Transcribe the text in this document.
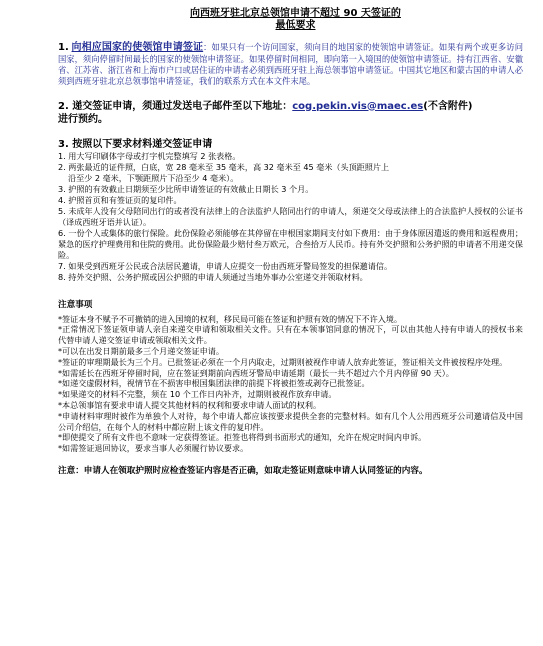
向西班牙驻北京总领馆申请不超过 90 天签证的
最低要求
1. 向相应国家的使领馆申请签证：如果只有一个访问国家，须向目的地国家的使领馆申请签证。如果有两个或更多访问国家，须向停留时间最长的国家的使领馆申请签证。如果停留时间相同，即向第一入境国的使领馆申请签证。持有江西省、安徽省、江苏省、浙江省和上海市户口或居住证的申请者必须到西班牙驻上海总领事馆申请签证。中国其它地区和蒙古国的申请人必须到西班牙驻北京总领事馆申请签证，我们的联系方式在本文件末尾。
2. 递交签证申请，须通过发送电子邮件至以下地址：cog.pekin.vis@maec.es(不含附件)
进行预约。
3. 按照以下要求材料递交签证申请
1. 用大写印刷体字母或打字机完整填写 2 张表格。
2. 两张最近的证件照，白底，宽 28 毫米至 35 毫米，高 32 毫米至 45 毫米（头顶距照片上
沿至少 2 毫米，下颚距照片下沿至少 4 毫米）。
3. 护照的有效截止日期须至少比所申请签证的有效截止日期长 3 个月。
4. 护照首页和有签证页的复印件。
5. 未成年人没有父母陪同出行的或者没有法律上的合法监护人陪同出行的申请人，须递交父母或法律上的合法监护人授权的公证书（译成西班牙语并认证）。
6. 一份个人或集体的旅行保险。此份保险必须能够在其停留在申根国家期间支付如下费用：由于身体原因遣返的费用和返程费用；紧急的医疗护理费用和住院的费用。此份保险最少赔付叁万欧元，合叁拾万人民币。持有外交护照和公务护照的申请者不用递交保险。
7. 如果受到西班牙公民或合法居民邀请，申请人应提交一份由西班牙警局签发的担保邀请信。
8. 持外交护照、公务护照或因公护照的申请人须通过当地外事办公室递交并领取材料。
注意事项
*签证本身不赋予不可撤销的进入国境的权利，移民局可能在签证和护照有效的情况下不许入境。
*正常情况下签证领申请人亲自来递交申请和领取相关文件。只有在本领事馆同意的情况下，可以由其他人持有申请人的授权书来代替申请人递交签证申请或领取相关文件。
*可以在出发日期前最多三个月递交签证申请。
*签证的审理期最长为三个月。已批签证必须在一个月内取走，过期则被视作申请人放弃此签证，签证相关文件被按程序处理。
*如需延长在西班牙停留时间，应在签证到期前向西班牙警局申请延期（最长一共不超过六个月内停留 90 天）。
*如递交虚假材料，视情节在不损害申根国集团法律的前提下将被拒签或剥夺已批签证。
*如果递交的材料不完整，须在 10 个工作日内补齐，过期则被视作放弃申请。
*本总领事馆有要求申请人提交其他材料的权利和要求申请人面试的权利。
*申请材料审理时被作为单独个人对待，每个申请人都应该按要求提供全套的完整材料。如有几个人公用西班牙公司邀请信及中国公司介绍信，在每个人的材料中都应附上该文件的复印件。
*即使提交了所有文件也不意味一定获得签证。拒签也将得到书面形式的通知，允许在规定时间内申诉。
*如需签证退回协议，要求当事人必须履行协议要求。
注意：申请人在领取护照时应检查签证内容是否正确，如取走签证则意味申请人认同签证的内容。
